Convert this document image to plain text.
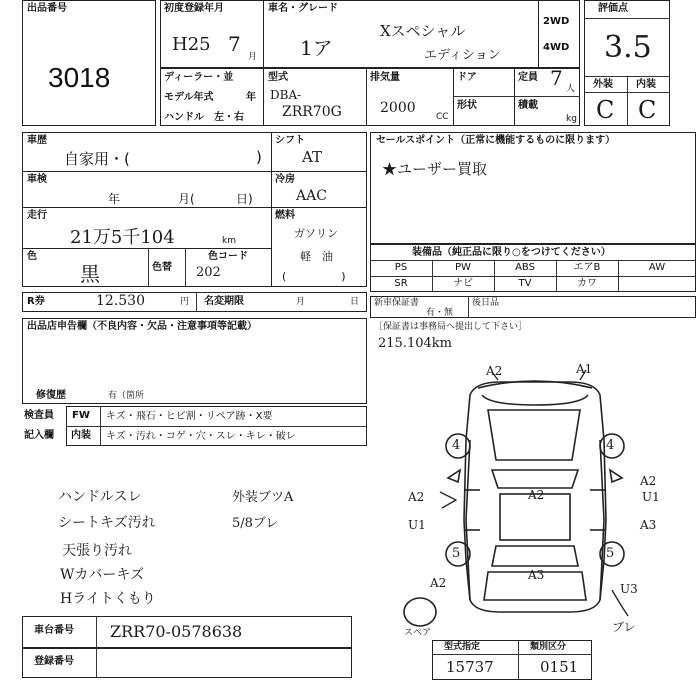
出品番号
3018
初度登録年月
H25 7
月
車名・グレード
1ア
Xスペシャル
エディション
2WD
4WD
評価点
3.5
外装 内装
C C
ディーラー・並
モデル年式	年
ハンドル　左・右
型式
DBA-
ZRR70G
排気量
2000
CC
ドア
形状
定員 7 人
積載
kg
車歴
自家用・(	)
シフト
AT
車検
年	月(	日)
冷房
AAC
走行
21万5千104	km
燃料
ガソリン
軽　油
(　　　　　)
色
黒	色替
色コード
202
R券	12.530	円 名変期限	月	日
セールスポイント（正常に機能するものに限ります）
★ユーザー買取
装備品（純正品に限り○をつけてください）
PS	PW	ABS	エアB	AW
SR	ナビ	TV	カワ
新車保証書
有・無
後日品
［保証書は事務局へ提出して下さい］
215.104km
出品店申告欄（不良内容・欠品・注意事項等記載）
修復歴	有（箇所
検査員
記入欄
FW
内装
キズ・飛石・ヒビ割・リペア跡・X要
キズ・汚れ・コゲ・穴・スレ・キレ・破レ
ハンドルスレ
シートキズ汚れ
天張り汚れ
Wカバーキズ
Hライトくもり
外装ブツA
5/8ブレ
A2	A1
4	4
A2
U1
A2
A2
U1
A3
5	5
A3
A2	U3
ブレ
スペア
車台番号 ZRR70-0578638
登録番号
型式指定
15737
類別区分
0151
